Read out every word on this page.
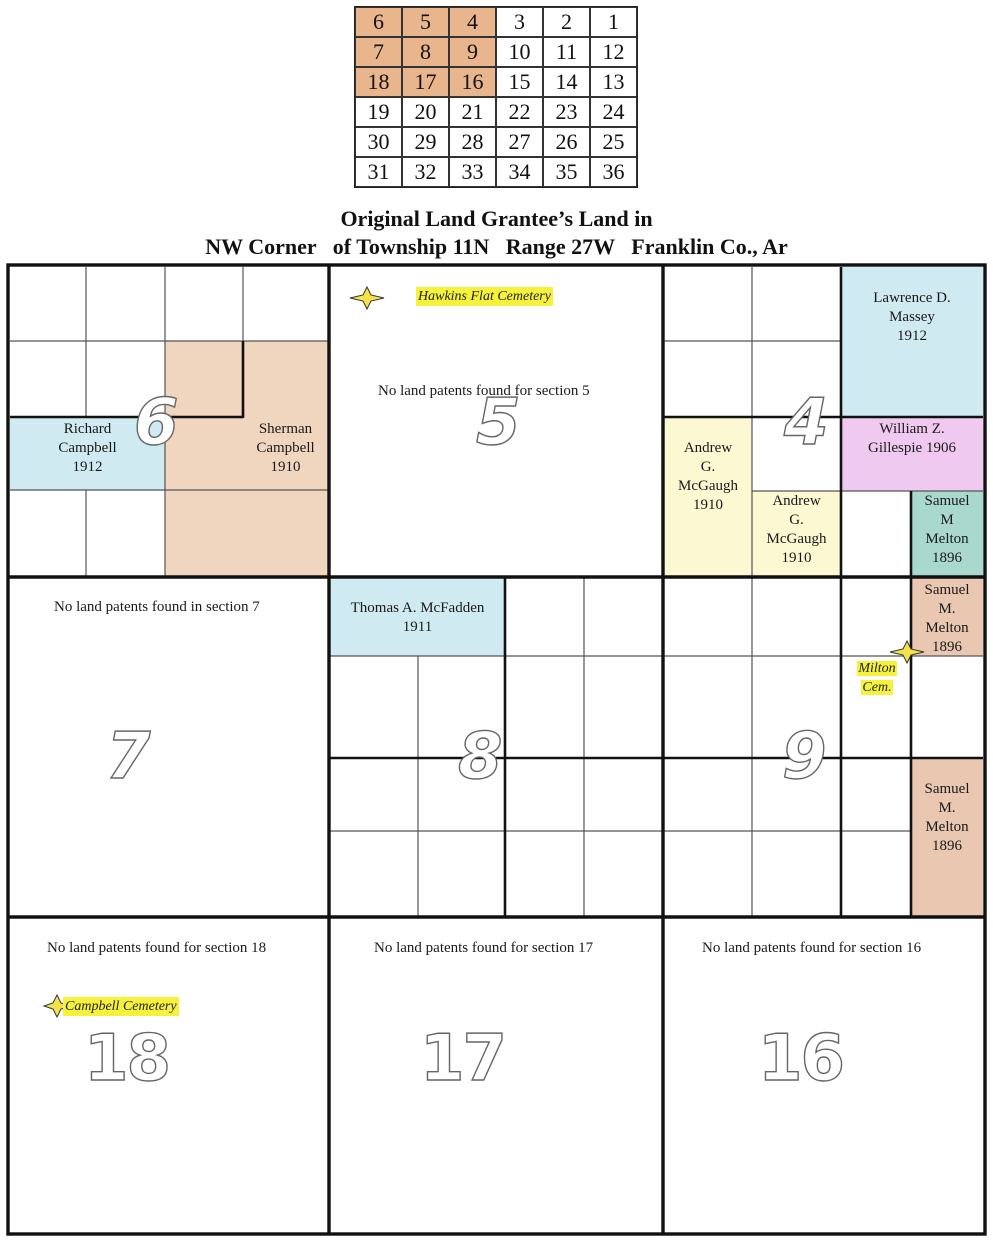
6	5	4	3	2	1
7	8	9	10	11	12
18	17	16	15	14	13
19	20	21	22	23	24
30	29	28	27	26	25
31	32	33	34	35	36
Original Land Grantee’s Land in
NW Corner   of Township 11N   Range 27W   Franklin Co., Ar
6	5	4
7	8	9
18	17	16
Richard
Campbell
1912
Sherman
Campbell
1910
Hawkins Flat Cemetery
No land patents found for section 5
Lawrence D.
Massey
1912
William Z.
Gillespie 1906
Andrew
G.
McGaugh
1910	Andrew
G.
McGaugh
1910
Samuel
M
Melton
1896
No land patents found in section 7	Thomas A. McFadden
1911
Samuel
M.
Melton
1896
Samuel
M.
Melton
1896
Milton
Cem.
No land patents found for section 18
Campbell Cemetery
No land patents found for section 17	No land patents found for section 16
